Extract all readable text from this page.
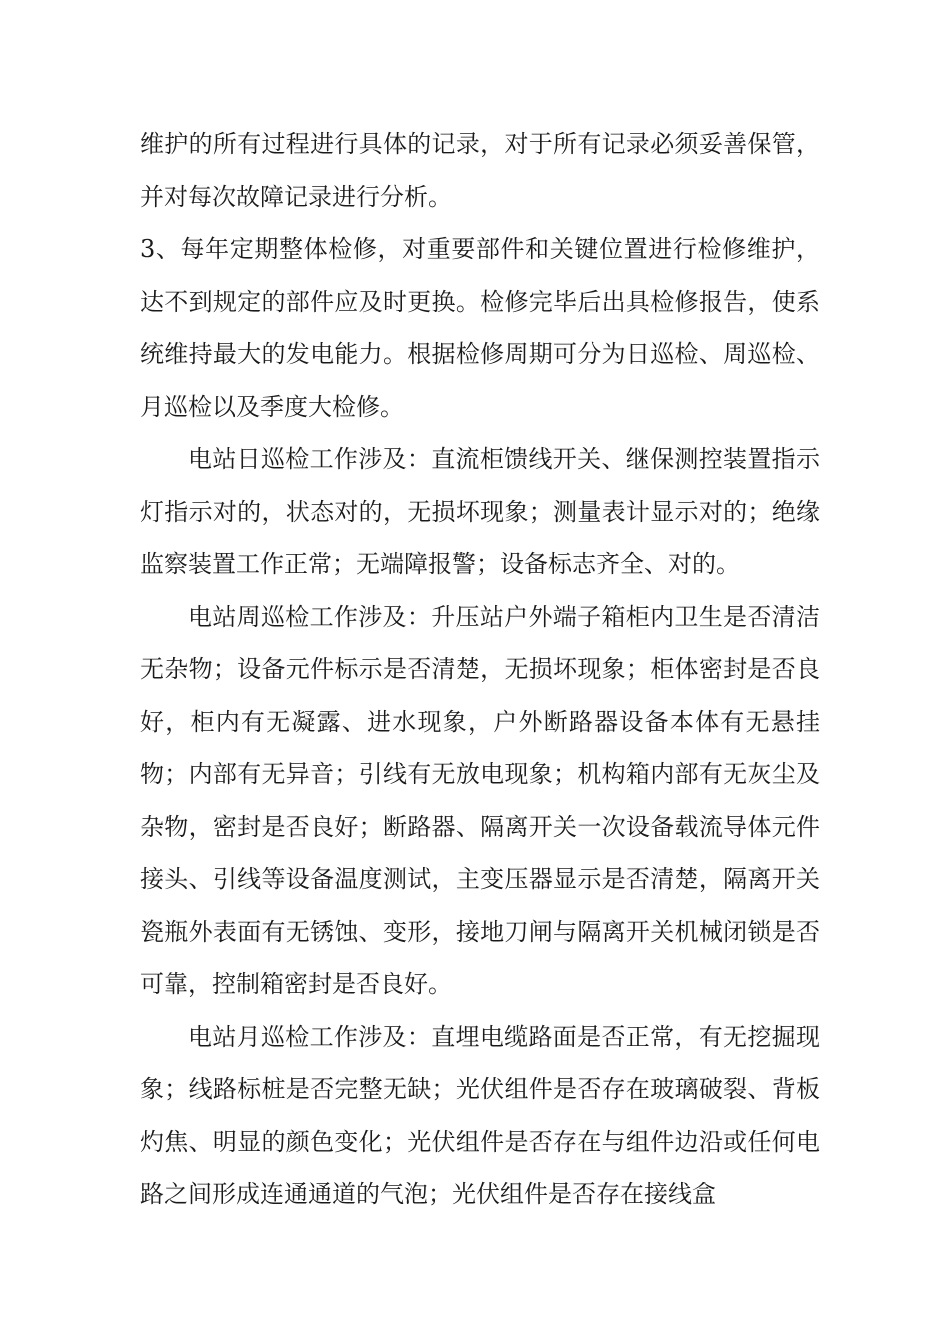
维护的所有过程进行具体的记录，对于所有记录必须妥善保管，并对每次故障记录进行分析。

3、每年定期整体检修，对重要部件和关键位置进行检修维护，达不到规定的部件应及时更换。检修完毕后出具检修报告，使系统维持最大的发电能力。根据检修周期可分为日巡检、周巡检、月巡检以及季度大检修。

电站日巡检工作涉及：直流柜馈线开关、继保测控装置指示灯指示对的，状态对的，无损坏现象；测量表计显示对的；绝缘监察装置工作正常；无端障报警；设备标志齐全、对的。

电站周巡检工作涉及：升压站户外端子箱柜内卫生是否清洁无杂物；设备元件标示是否清楚，无损坏现象；柜体密封是否良好，柜内有无凝露、进水现象，户外断路器设备本体有无悬挂物；内部有无异音；引线有无放电现象；机构箱内部有无灰尘及杂物，密封是否良好；断路器、隔离开关一次设备载流导体元件接头、引线等设备温度测试，主变压器显示是否清楚，隔离开关瓷瓶外表面有无锈蚀、变形，接地刀闸与隔离开关机械闭锁是否可靠，控制箱密封是否良好。

电站月巡检工作涉及：直埋电缆路面是否正常，有无挖掘现象；线路标桩是否完整无缺；光伏组件是否存在玻璃破裂、背板灼焦、明显的颜色变化；光伏组件是否存在与组件边沿或任何电路之间形成连通通道的气泡；光伏组件是否存在接线盒
